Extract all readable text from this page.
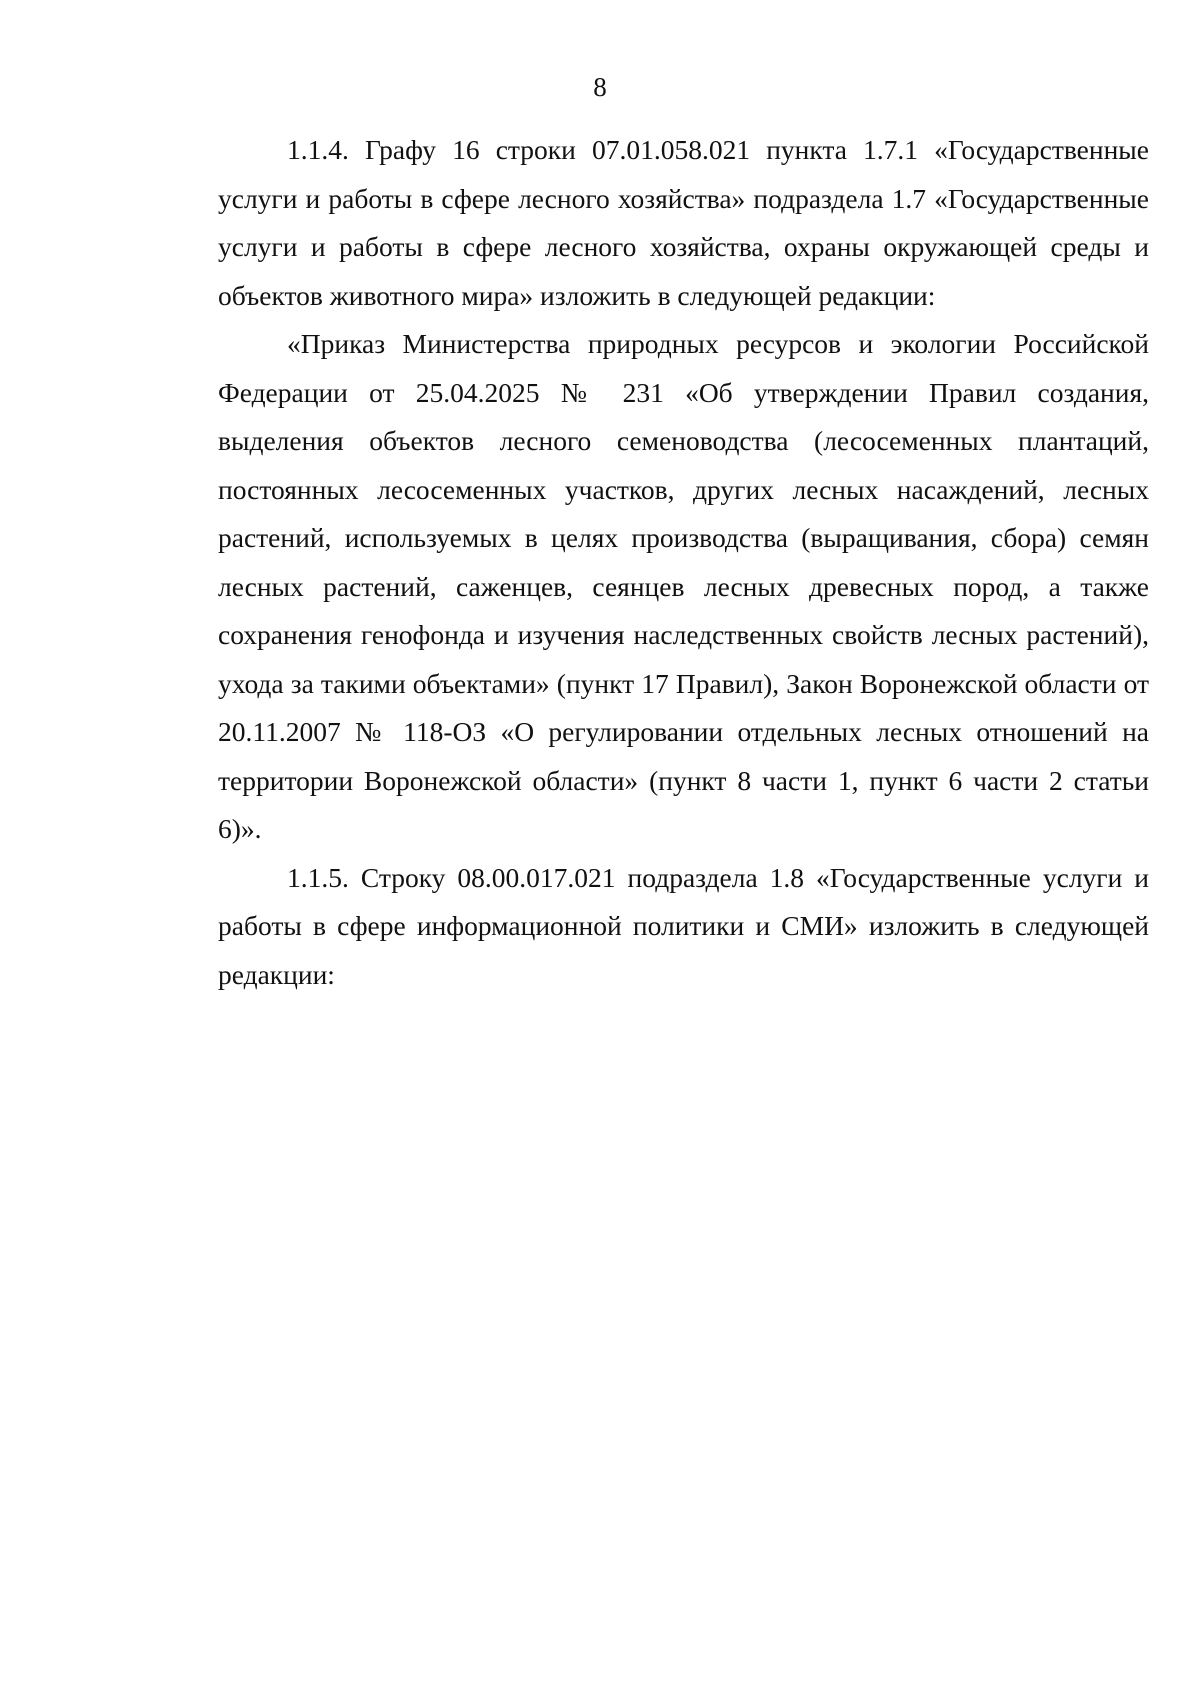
8

1.1.4. Графу 16 строки 07.01.058.021 пункта 1.7.1 «Государственные услуги и работы в сфере лесного хозяйства» подраздела 1.7 «Государственные услуги и работы в сфере лесного хозяйства, охраны окружающей среды и объектов животного мира» изложить в следующей редакции:

«Приказ Министерства природных ресурсов и экологии Российской Федерации от 25.04.2025 № 231 «Об утверждении Правил создания, выделения объектов лесного семеноводства (лесосеменных плантаций, постоянных лесосеменных участков, других лесных насаждений, лесных растений, используемых в целях производства (выращивания, сбора) семян лесных растений, саженцев, сеянцев лесных древесных пород, а также сохранения генофонда и изучения наследственных свойств лесных растений), ухода за такими объектами» (пункт 17 Правил), Закон Воронежской области от 20.11.2007 № 118-ОЗ «О регулировании отдельных лесных отношений на территории Воронежской области» (пункт 8 части 1, пункт 6 части 2 статьи 6)».

1.1.5. Строку 08.00.017.021 подраздела 1.8 «Государственные услуги и работы в сфере информационной политики и СМИ» изложить в следующей редакции:
